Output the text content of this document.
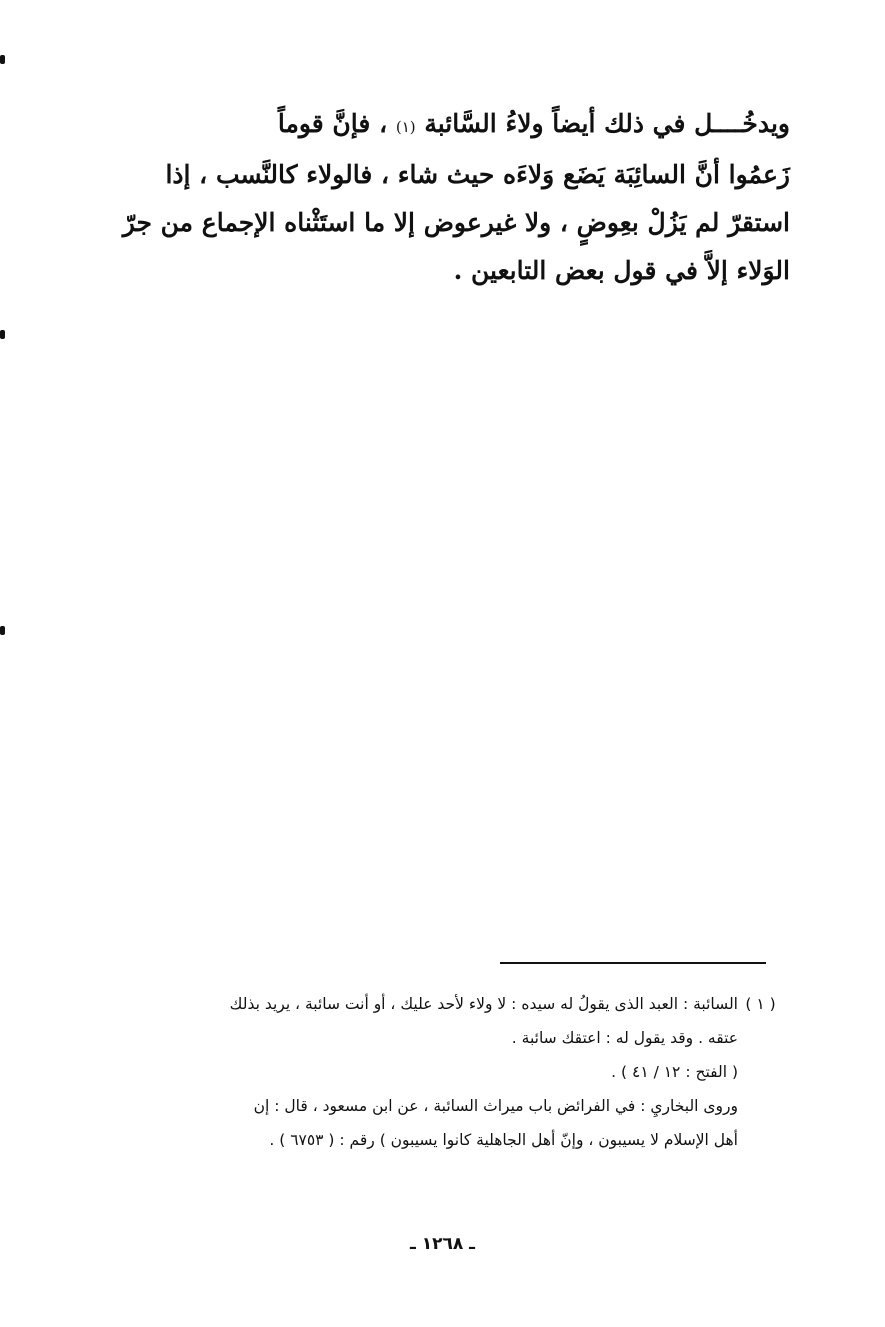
ويدخُــــل في ذلك أيضاً ولاءُ السَّائبة (١) ، فإنَّ قوماً
زَعمُوا أنَّ السائِبَة يَضَع وَلاءَه حيث شاء ، فالولاء كالنَّسب ، إذا
استقرّ لم يَزُلْ بعِوضٍ ، ولا غيرعوض إلا ما استَثْناه الإجماع من جرّ
الوَلاء إلاَّ في قول بعض التابعين .
( ١ )السائبة : العبد الذى يقولُ له سيده : لا ولاء لأحد عليك ، أو أنت سائبة ، يريد بذلك
عتقه . وقد يقول له : اعتقك سائبة .
( الفتح : ١٢ / ٤١ ) .
وروى البخاريِ : في الفرائض باب ميراث السائبة ، عن ابن مسعود ، قال : إن
أهل الإسلام لا يسيبون ، وإنّ أهل الجاهلية كانوا يسيبون ) رقم : ( ٦٧٥٣ ) .
ـ ١٢٦٨ ـ
